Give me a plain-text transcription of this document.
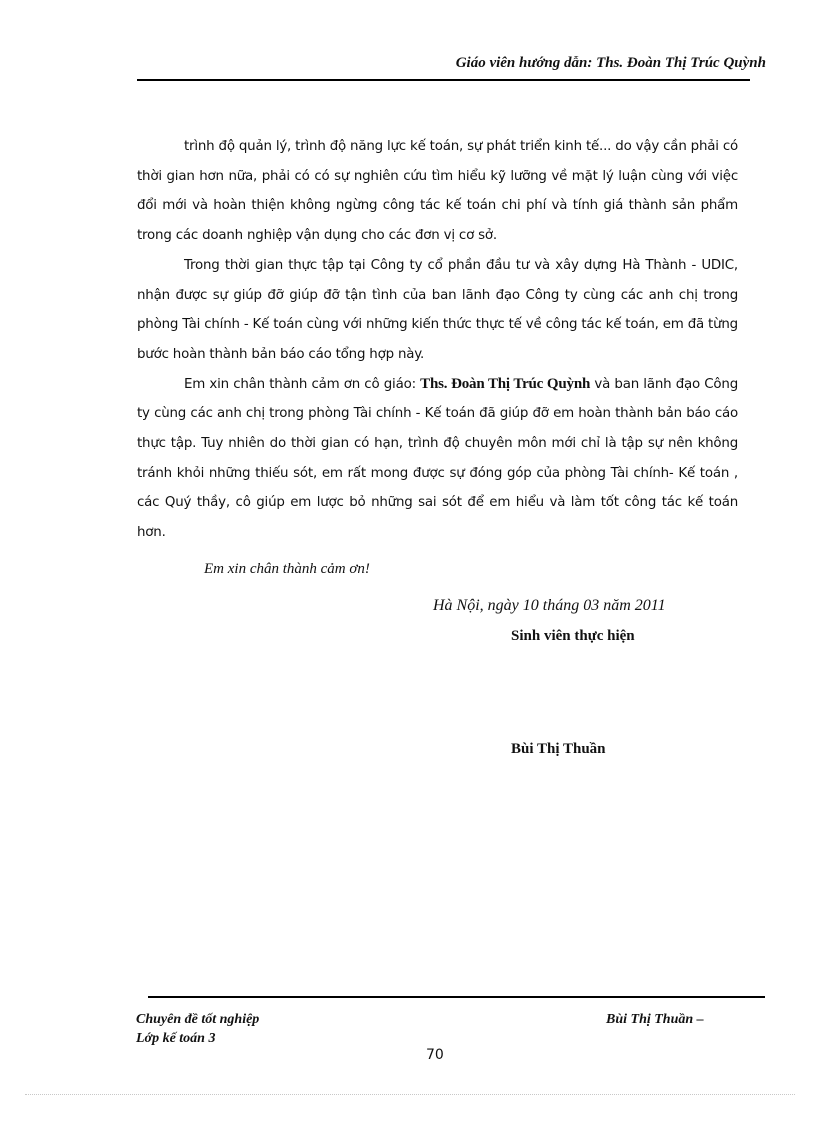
Giáo viên hướng dẫn: Ths. Đoàn Thị Trúc Quỳnh

trình độ quản lý, trình độ năng lực kế toán, sự phát triển kinh tế... do vậy cần phải có thời gian hơn nữa, phải có có sự nghiên cứu tìm hiểu kỹ lưỡng về mặt lý luận cùng với việc đổi mới và hoàn thiện không ngừng công tác kế toán chi phí và tính giá thành sản phẩm trong các doanh nghiệp vận dụng cho các đơn vị cơ sở.

Trong thời gian thực tập tại Công ty cổ phần đầu tư và xây dựng Hà Thành - UDIC, nhận được sự giúp đỡ giúp đỡ tận tình của ban lãnh đạo Công ty cùng các anh chị trong phòng Tài chính - Kế toán cùng với những kiến thức thực tế về công tác kế toán, em đã từng bước hoàn thành bản báo cáo tổng hợp này.

Em xin chân thành cảm ơn cô giáo: Ths. Đoàn Thị Trúc Quỳnh và ban lãnh đạo Công ty cùng các anh chị trong phòng Tài chính - Kế toán đã giúp đỡ em hoàn thành bản báo cáo thực tập. Tuy nhiên do thời gian có hạn, trình độ chuyên môn mới chỉ là tập sự nên không tránh khỏi những thiếu sót, em rất mong được sự đóng góp của phòng Tài chính- Kế toán , các Quý thầy, cô giúp em lược bỏ những sai sót để em hiểu và làm tốt công tác kế toán hơn.

Em xin chân thành cảm ơn!
Hà Nội, ngày 10 tháng 03 năm 2011
Sinh viên thực hiện
Bùi Thị Thuần
Chuyên đề tốt nghiệp
Lớp kế toán 3
Bùi Thị Thuần –
70
